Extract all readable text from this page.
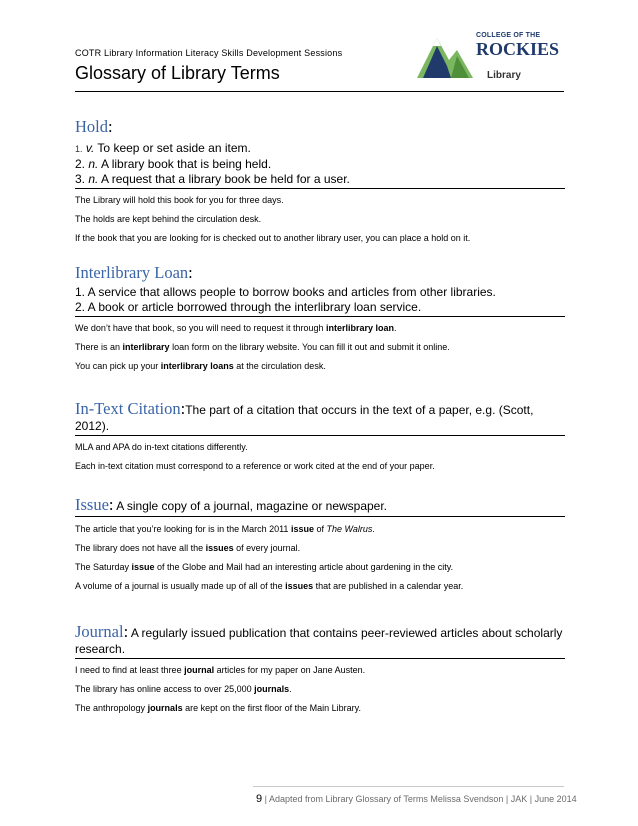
COTR Library Information Literacy Skills Development Sessions
Glossary of Library Terms
COLLEGE OF THE
ROCKIES
Library
Hold:
1. v. To keep or set aside an item.
2. n. A library book that is being held.
3. n. A request that a library book be held for a user.
The Library will hold this book for you for three days.
The holds are kept behind the circulation desk.
If the book that you are looking for is checked out to another library user, you can place a hold on it.
Interlibrary Loan:
1. A service that allows people to borrow books and articles from other libraries.
2. A book or article borrowed through the interlibrary loan service.
We don’t have that book, so you will need to request it through interlibrary loan.
There is an interlibrary loan form on the library website. You can fill it out and submit it online.
You can pick up your interlibrary loans at the circulation desk.
In-Text Citation:The part of a citation that occurs in the text of a paper, e.g. (Scott,
2012).
MLA and APA do in-text citations differently.
Each in-text citation must correspond to a reference or work cited at the end of your paper.
Issue: A single copy of a journal, magazine or newspaper.
The article that you’re looking for is in the March 2011 issue of The Walrus.
The library does not have all the issues of every journal.
The Saturday issue of the Globe and Mail had an interesting article about gardening in the city.
A volume of a journal is usually made up of all of the issues that are published in a calendar year.
Journal: A regularly issued publication that contains peer-reviewed articles about scholarly
research.
I need to find at least three journal articles for my paper on Jane Austen.
The library has online access to over 25,000 journals.
The anthropology journals are kept on the first floor of the Main Library.
9 | Adapted from Library Glossary of Terms Melissa Svendson | JAK | June 2014
